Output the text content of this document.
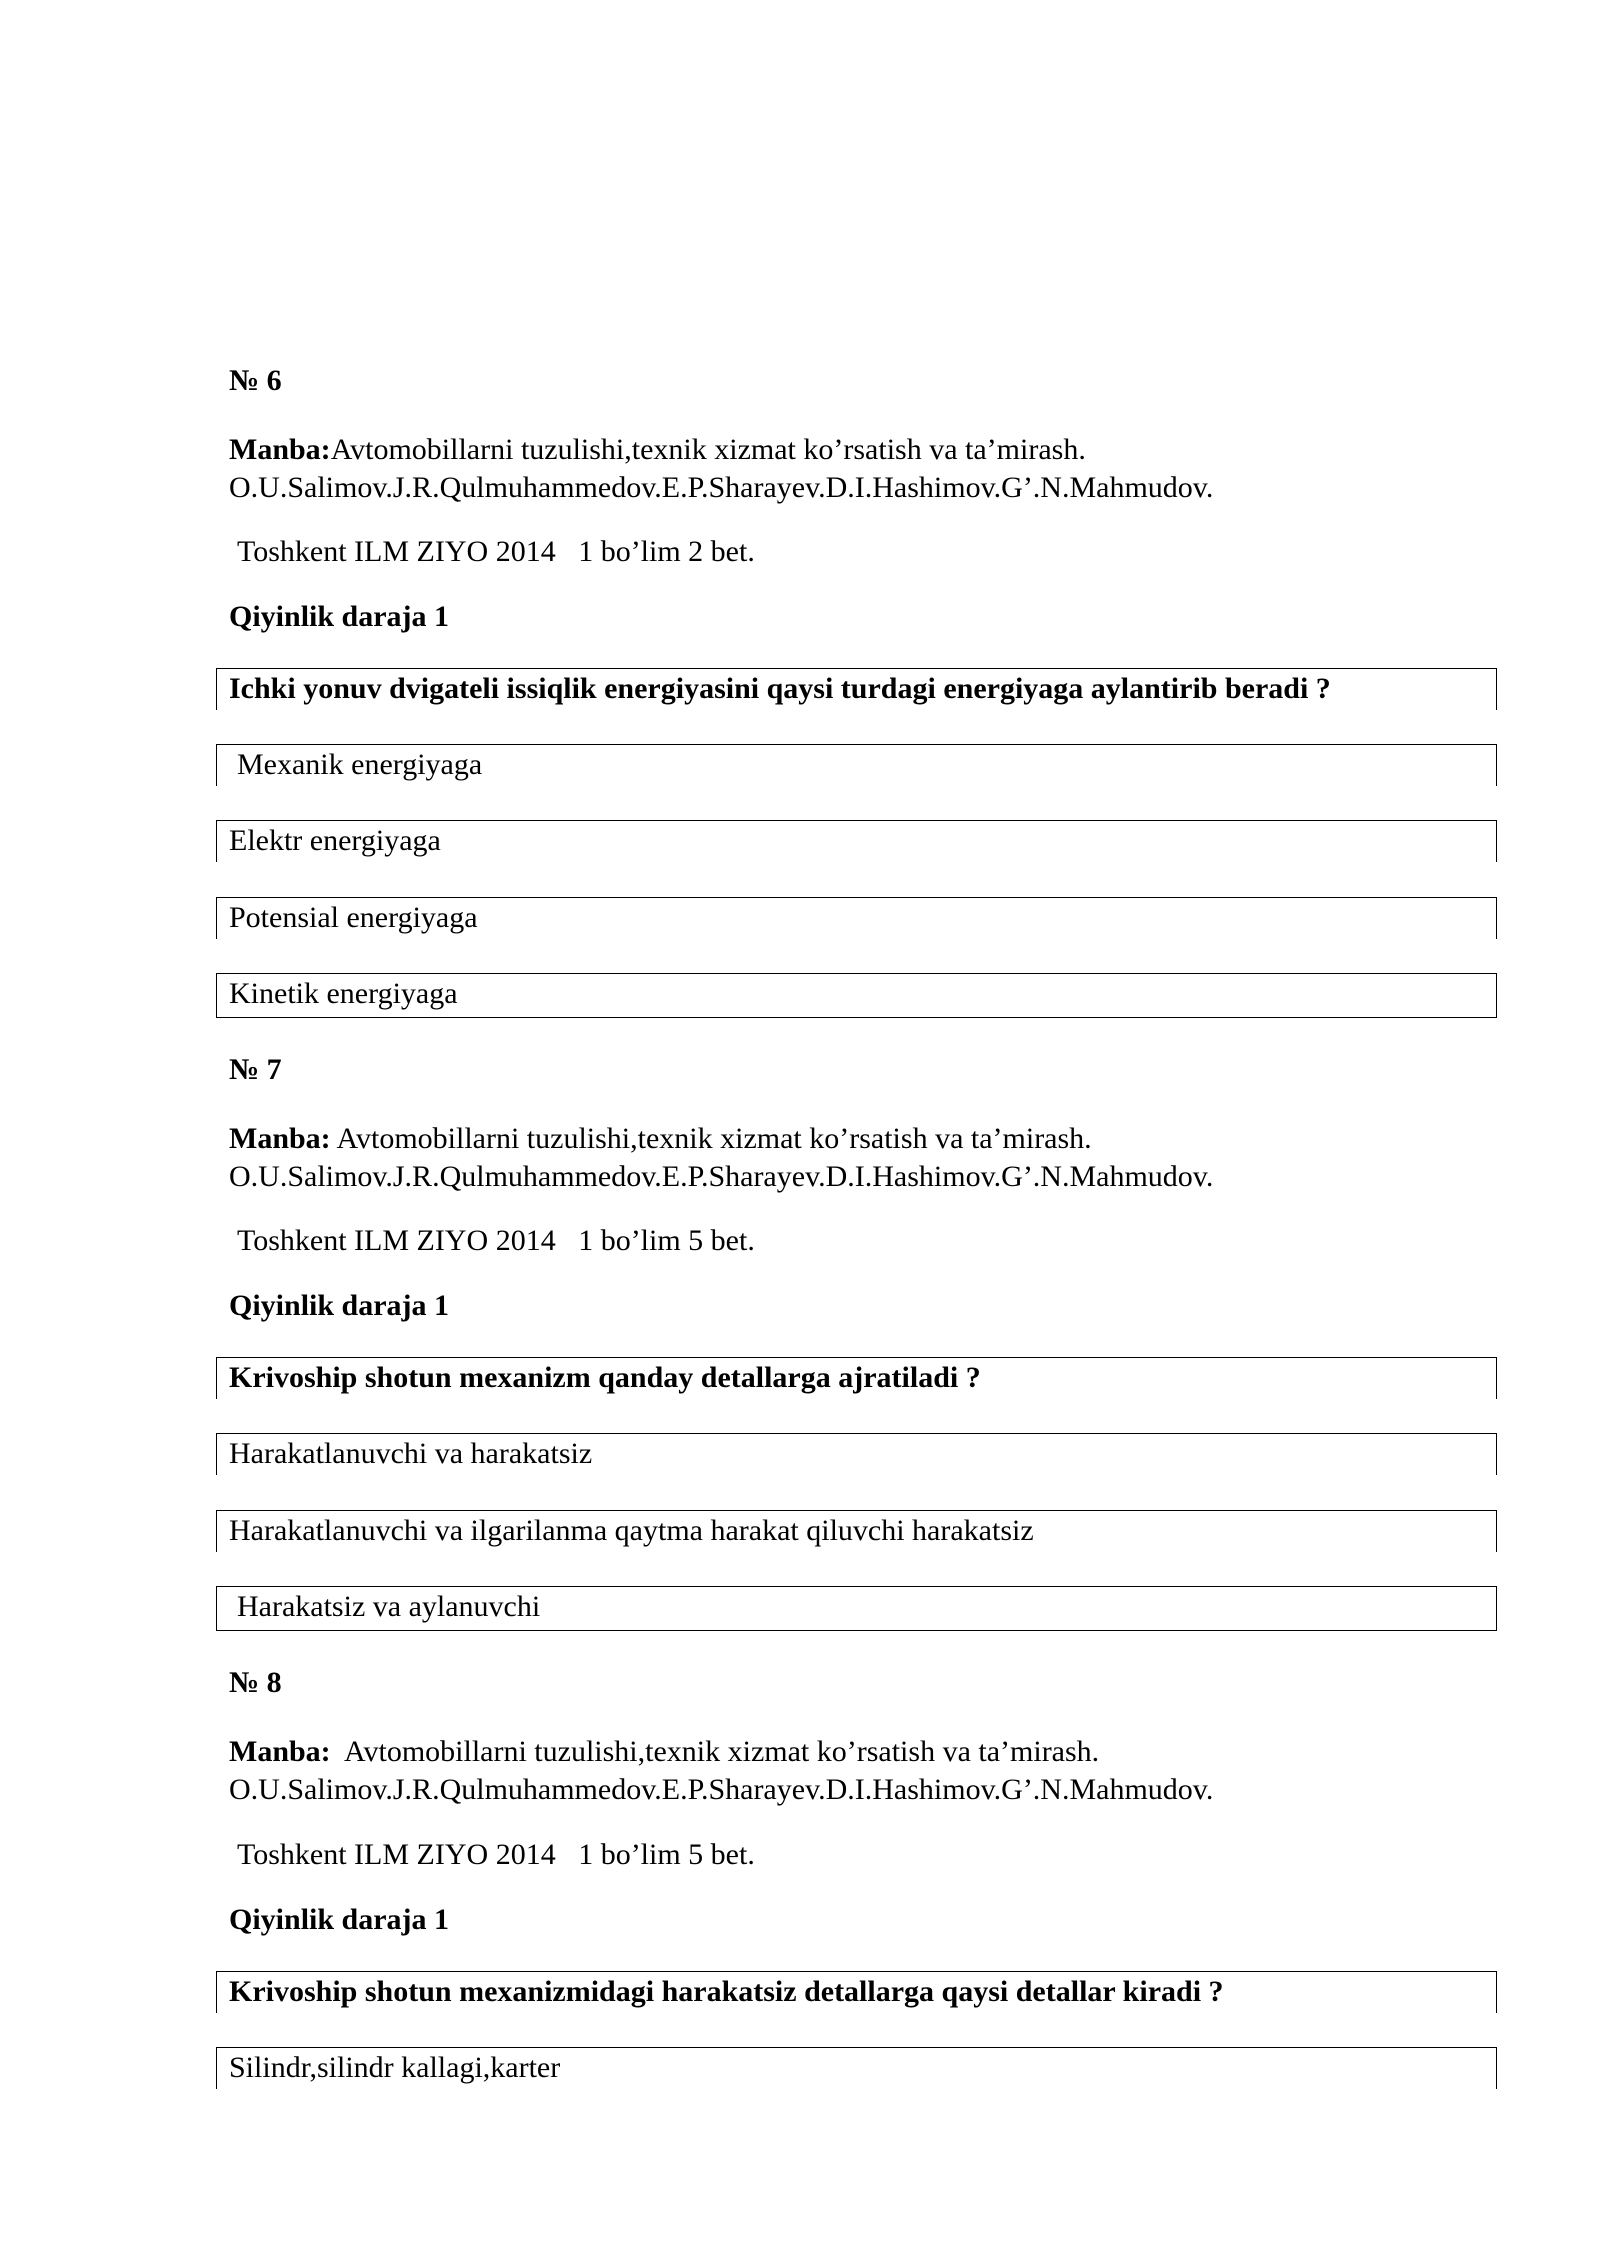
№ 6
Manba:Avtomobillarni tuzulishi,texnik xizmat ko’rsatish va ta’mirash.
O.U.Salimov.J.R.Qulmuhammedov.E.P.Sharayev.D.I.Hashimov.G’.N.Mahmudov.
Toshkent ILM ZIYO 2014   1 bo’lim 2 bet.
Qiyinlik daraja 1
Ichki yonuv dvigateli issiqlik energiyasini qaysi turdagi energiyaga aylantirib beradi ?
Mexanik energiyaga
Elektr energiyaga
Potensial energiyaga
Kinetik energiyaga
№ 7
Manba: Avtomobillarni tuzulishi,texnik xizmat ko’rsatish va ta’mirash.
O.U.Salimov.J.R.Qulmuhammedov.E.P.Sharayev.D.I.Hashimov.G’.N.Mahmudov.
Toshkent ILM ZIYO 2014   1 bo’lim 5 bet.
Qiyinlik daraja 1
Krivoship shotun mexanizm qanday detallarga ajratiladi ?
Harakatlanuvchi va harakatsiz
Harakatlanuvchi va ilgarilanma qaytma harakat qiluvchi harakatsiz
Harakatsiz va aylanuvchi
№ 8
Manba: Avtomobillarni tuzulishi,texnik xizmat ko’rsatish va ta’mirash.
O.U.Salimov.J.R.Qulmuhammedov.E.P.Sharayev.D.I.Hashimov.G’.N.Mahmudov.
Toshkent ILM ZIYO 2014   1 bo’lim 5 bet.
Qiyinlik daraja 1
Krivoship shotun mexanizmidagi harakatsiz detallarga qaysi detallar kiradi ?
Silindr,silindr kallagi,karter
